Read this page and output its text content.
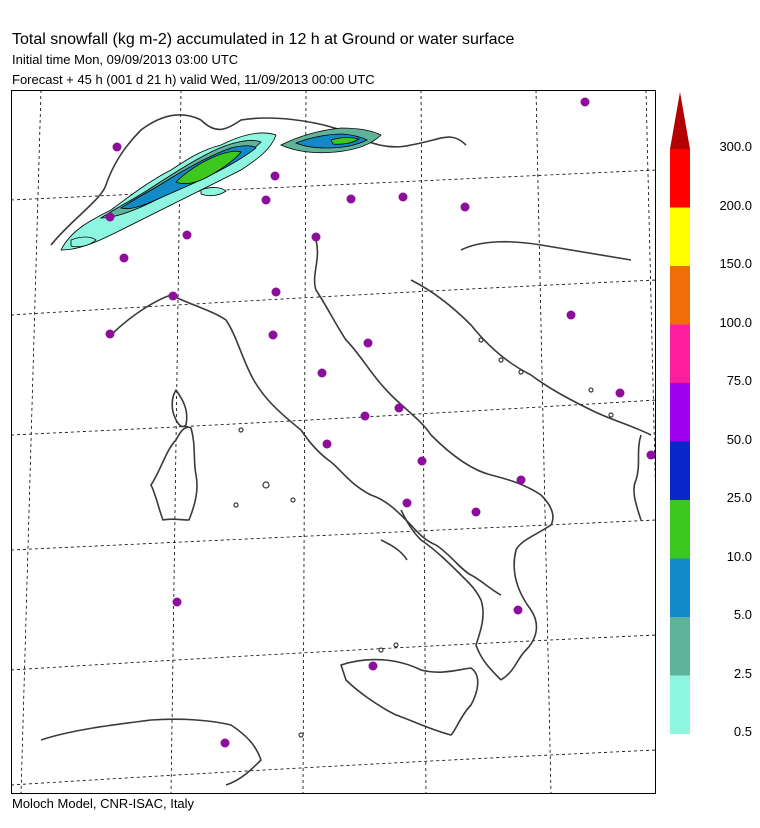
Total snowfall (kg m-2) accumulated in 12 h at Ground or water surface
Initial time Mon, 09/09/2013 03:00 UTC
Forecast + 45 h (001 d 21 h) valid Wed, 11/09/2013 00:00 UTC
0.5
2.5
5.0
10.0
25.0
50.0
75.0
100.0
150.0
200.0
300.0
Moloch Model, CNR-ISAC, Italy
